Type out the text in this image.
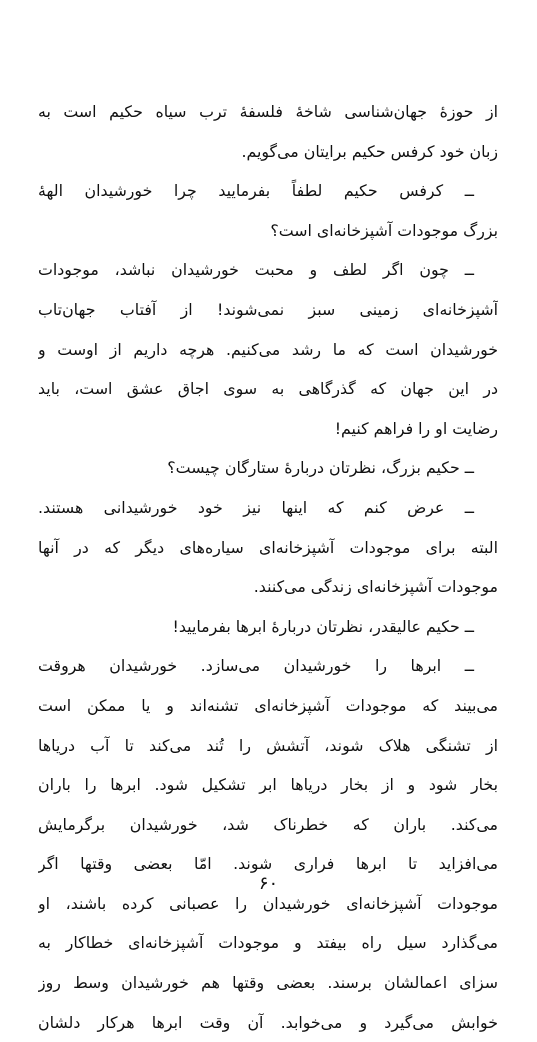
از حوزهٔ جهان‌شناسی شاخهٔ فلسفهٔ ترب سیاه حکیم است به
زبان خود کرفس حکیم برایتان می‌گویم.
ــ کرفس حکیم لطفاً بفرمایید چرا خورشیدان الههٔ
بزرگ موجودات آشپزخانه‌ای است؟
ــ چون اگر لطف و محبت خورشیدان نباشد، موجودات
آشپزخانه‌ای زمینی سبز نمی‌شوند! از آفتاب جهان‌تاب
خورشیدان است که ما رشد می‌کنیم. هرچه داریم از اوست و
در این جهان که گذرگاهی به سوی اجاق عشق است، باید
رضایت او را فراهم کنیم!
ــ حکیم بزرگ، نظرتان دربارهٔ ستارگان چیست؟
ــ عرض کنم که اینها نیز خود خورشیدانی هستند.
البته برای موجودات آشپزخانه‌ای سیاره‌های دیگر که در آنها
موجودات آشپزخانه‌ای زندگی می‌کنند.
ــ حکیم عالیقدر، نظرتان دربارهٔ ابرها بفرمایید!
ــ ابرها را خورشیدان می‌سازد. خورشیدان هروقت
می‌بیند که موجودات آشپزخانه‌ای تشنه‌اند و یا ممکن است
از تشنگی هلاک شوند، آتشش را تُند می‌کند تا آب دریاها
بخار شود و از بخار دریاها ابر تشکیل شود. ابرها را باران
می‌کند. باران که خطرناک شد، خورشیدان برگرمایش
می‌افزاید تا ابرها فراری شوند. امّا بعضی وقتها اگر
موجودات آشپزخانه‌ای خورشیدان را عصبانی کرده باشند، او
می‌گذارد سیل راه بیفتد و موجودات آشپزخانه‌ای خطاکار به
سزای اعمالشان برسند. بعضی وقتها هم خورشیدان وسط روز
خوابش می‌گیرد و می‌خوابد. آن وقت ابرها هرکار دلشان
۶۰
